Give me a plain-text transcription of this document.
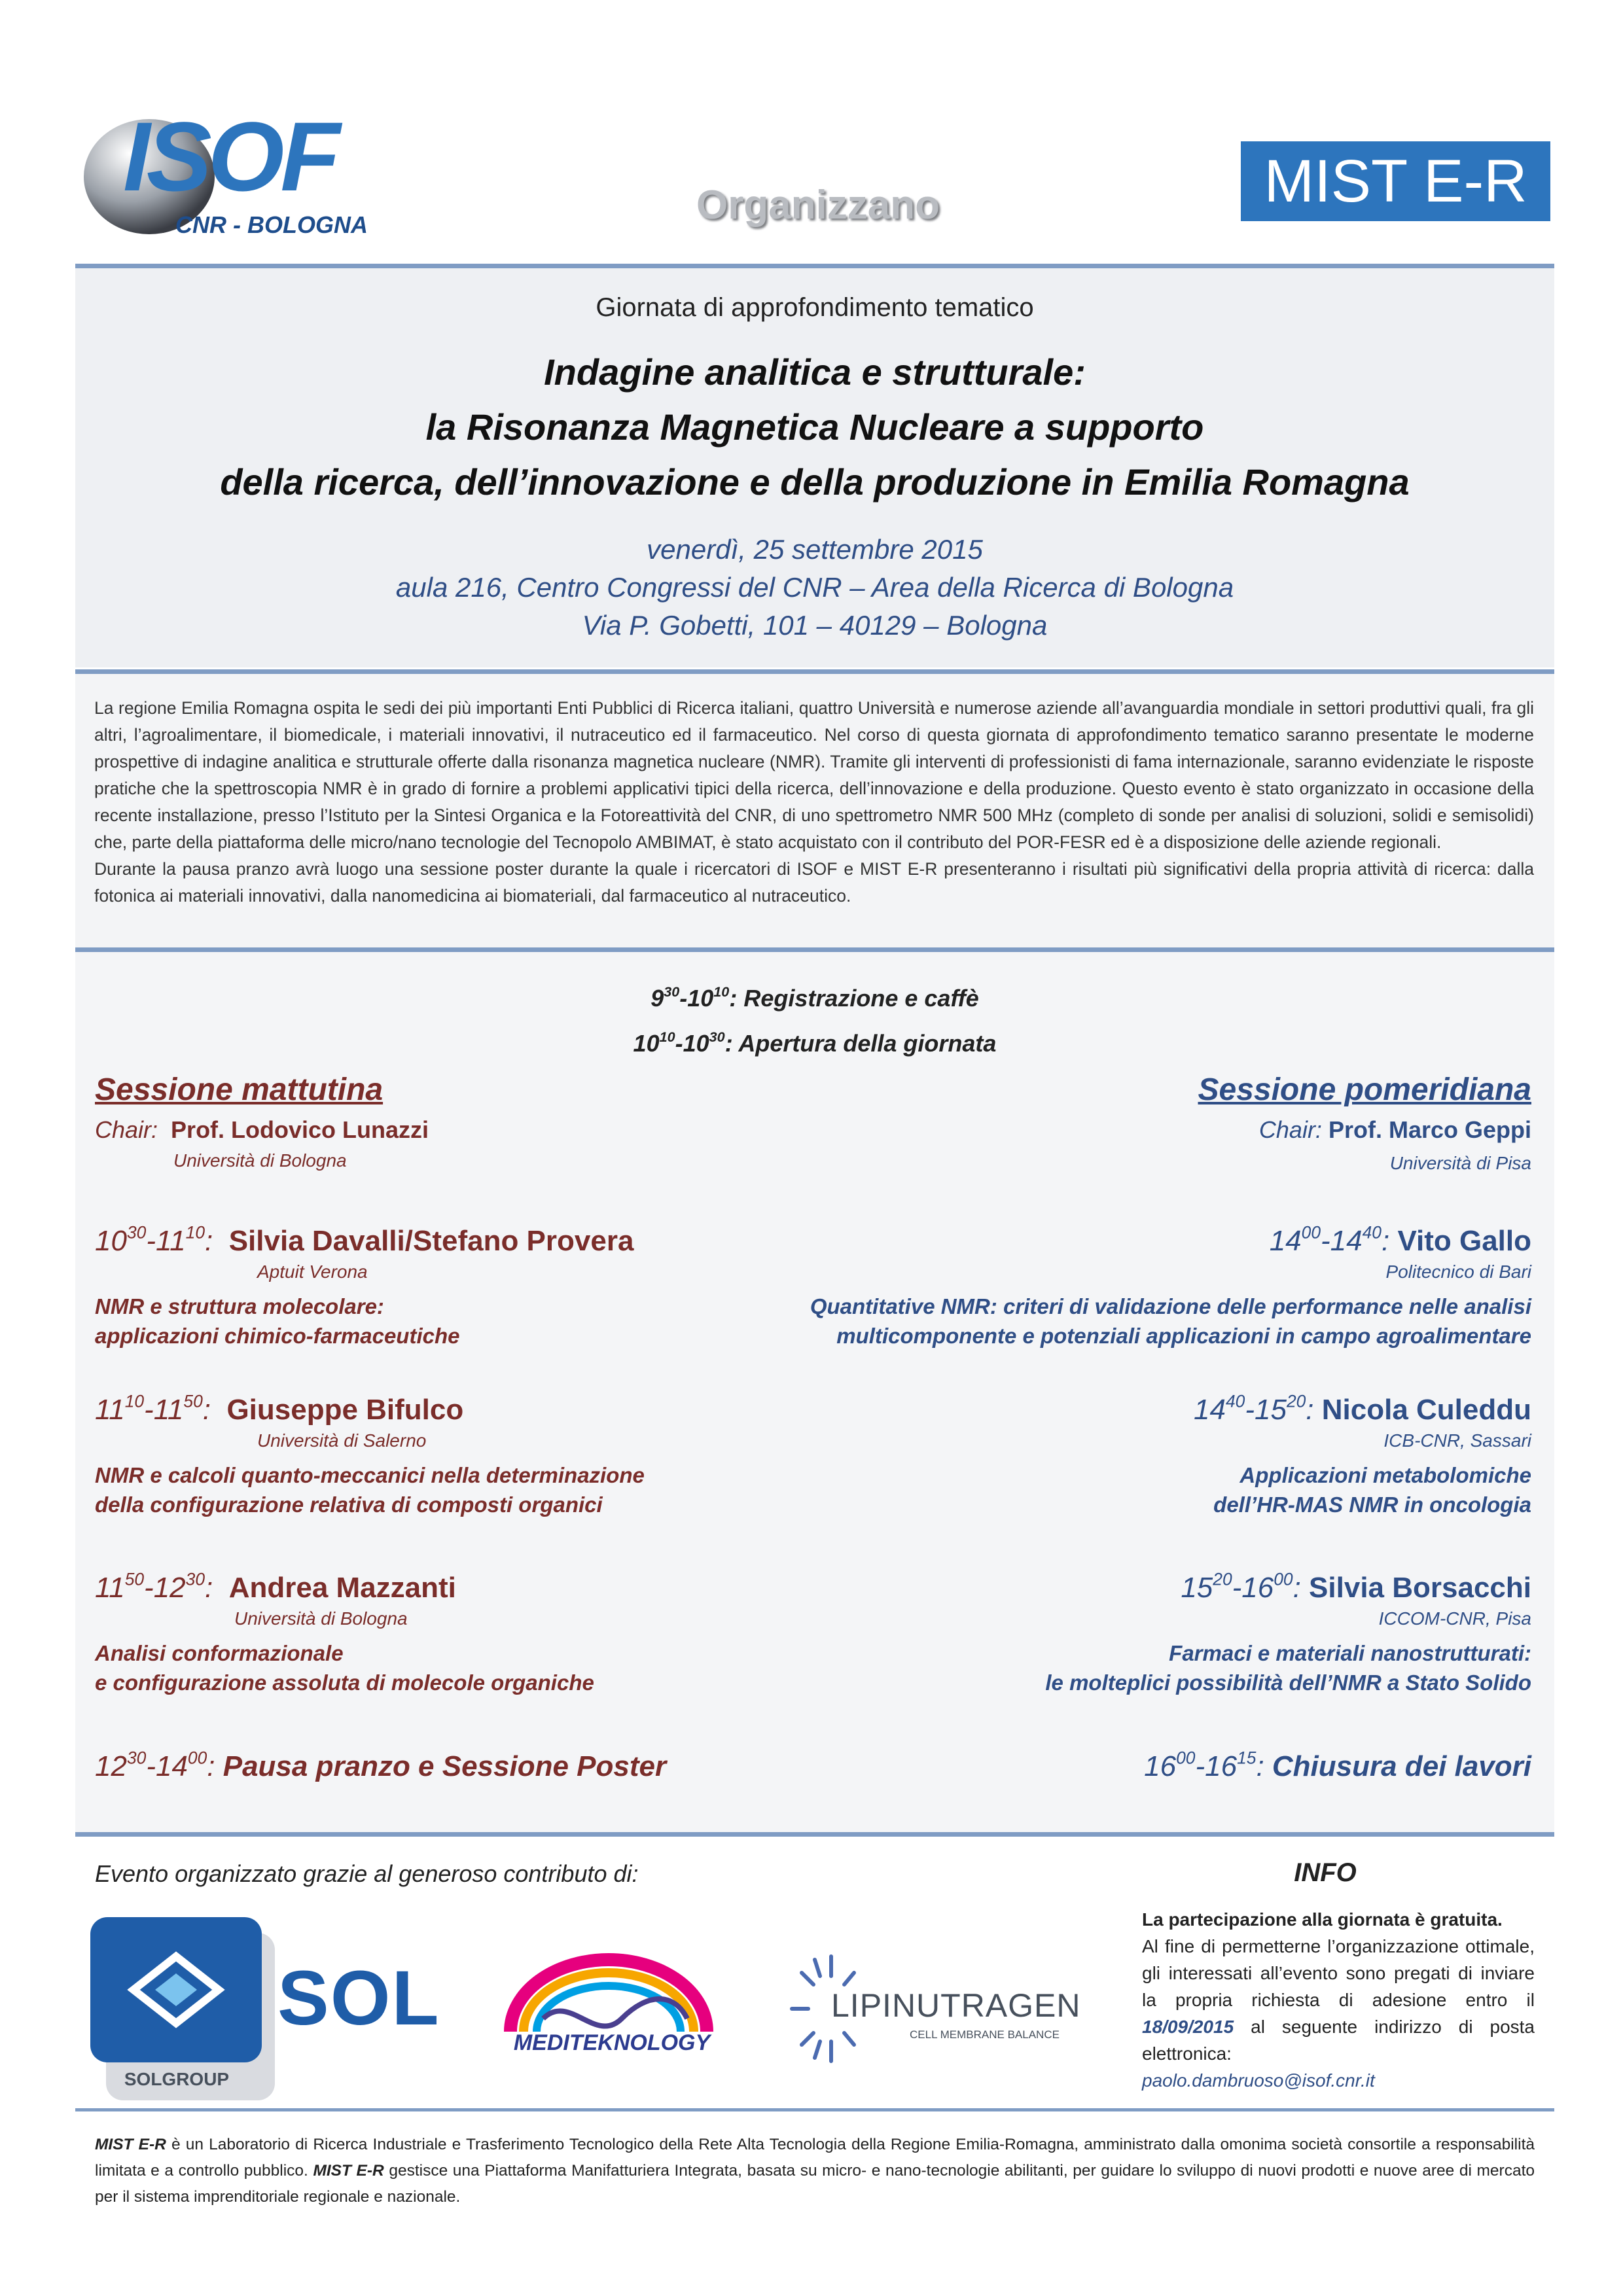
ISOF
CNR - BOLOGNA	Organizzano	MIST E-R
Giornata di approfondimento tematico
Indagine analitica e strutturale:
la Risonanza Magnetica Nucleare a supporto
della ricerca, dell’innovazione e della produzione in Emilia Romagna
venerdì, 25 settembre 2015
aula 216, Centro Congressi del CNR – Area della Ricerca di Bologna
Via P. Gobetti, 101 – 40129 – Bologna
La regione Emilia Romagna ospita le sedi dei più importanti Enti Pubblici di Ricerca italiani, quattro Università e numerose aziende all’avanguardia mondiale in settori produttivi quali, fra gli altri, l’agroalimentare, il biomedicale, i materiali innovativi, il nutraceutico ed il farmaceutico. Nel corso di questa giornata di approfondimento tematico saranno presentate le moderne prospettive di indagine analitica e strutturale offerte dalla risonanza magnetica nucleare (NMR). Tramite gli interventi di professionisti di fama internazionale, saranno evidenziate le risposte pratiche che la spettroscopia NMR è in grado di fornire a problemi applicativi tipici della ricerca, dell’innovazione e della produzione. Questo evento è stato organizzato in occasione della recente installazione, presso l’Istituto per la Sintesi Organica e la Fotoreattività del CNR, di uno spettrometro NMR 500 MHz (completo di sonde per analisi di soluzioni, solidi e semisolidi) che, parte della piattaforma delle micro/nano tecnologie del Tecnopolo AMBIMAT, è stato acquistato con il contributo del POR-FESR ed è a disposizione delle aziende regionali.
Durante la pausa pranzo avrà luogo una sessione poster durante la quale i ricercatori di ISOF e MIST E-R presenteranno i risultati più significativi della propria attività di ricerca: dalla fotonica ai materiali innovativi, dalla nanomedicina ai biomateriali, dal farmaceutico al nutraceutico.
$9^{30}-10^{10}$: Registrazione e caffè
$10^{10}-10^{30}$: Apertura della giornata
Sessione mattutina
Chair: Prof. Lodovico Lunazzi
Università di Bologna
$10^{30}-11^{10}$:  Silvia Davalli/Stefano Provera
Aptuit Verona
NMR e struttura molecolare:
applicazioni chimico-farmaceutiche
$11^{10}-11^{50}$:  Giuseppe Bifulco
Università di Salerno
NMR e calcoli quanto-meccanici nella determinazione
della configurazione relativa di composti organici
$11^{50}-12^{30}$:  Andrea Mazzanti
Università di Bologna
Analisi conformazionale
e configurazione assoluta di molecole organiche
$12^{30}-14^{00}$: Pausa pranzo e Sessione Poster
Sessione pomeridiana
Chair: Prof. Marco Geppi
Università di Pisa
$14^{00}-14^{40}$: Vito Gallo
Politecnico di Bari
Quantitative NMR: criteri di validazione delle performance nelle analisi
multicomponente e potenziali applicazioni in campo agroalimentare
$14^{40}-15^{20}$: Nicola Culeddu
ICB-CNR, Sassari
Applicazioni metabolomiche
dell’HR-MAS NMR in oncologia
$15^{20}-16^{00}$: Silvia Borsacchi
ICCOM-CNR, Pisa
Farmaci e materiali nanostrutturati:
le molteplici possibilità dell’NMR a Stato Solido
$16^{00}-16^{15}$: Chiusura dei lavori
Evento organizzato grazie al generoso contributo di:
SOLGROUP
SOL
MEDITEKNOLOGY
LIPINUTRAGEN
CELL MEMBRANE BALANCE
INFO
La partecipazione alla giornata è gratuita.
Al fine di permetterne l’organizzazione ottimale, gli interessati all’evento sono pregati di inviare la propria richiesta di adesione entro il 18/09/2015 al seguente indirizzo di posta elettronica:
paolo.dambruoso@isof.cnr.it
MIST E-R è un Laboratorio di Ricerca Industriale e Trasferimento Tecnologico della Rete Alta Tecnologia della Regione Emilia-Romagna, amministrato dalla omonima società consortile a responsabilità limitata e a controllo pubblico. MIST E-R gestisce una Piattaforma Manifatturiera Integrata, basata su micro- e nano-tecnologie abilitanti, per guidare lo sviluppo di nuovi prodotti e nuove aree di mercato per il sistema imprenditoriale regionale e nazionale.
